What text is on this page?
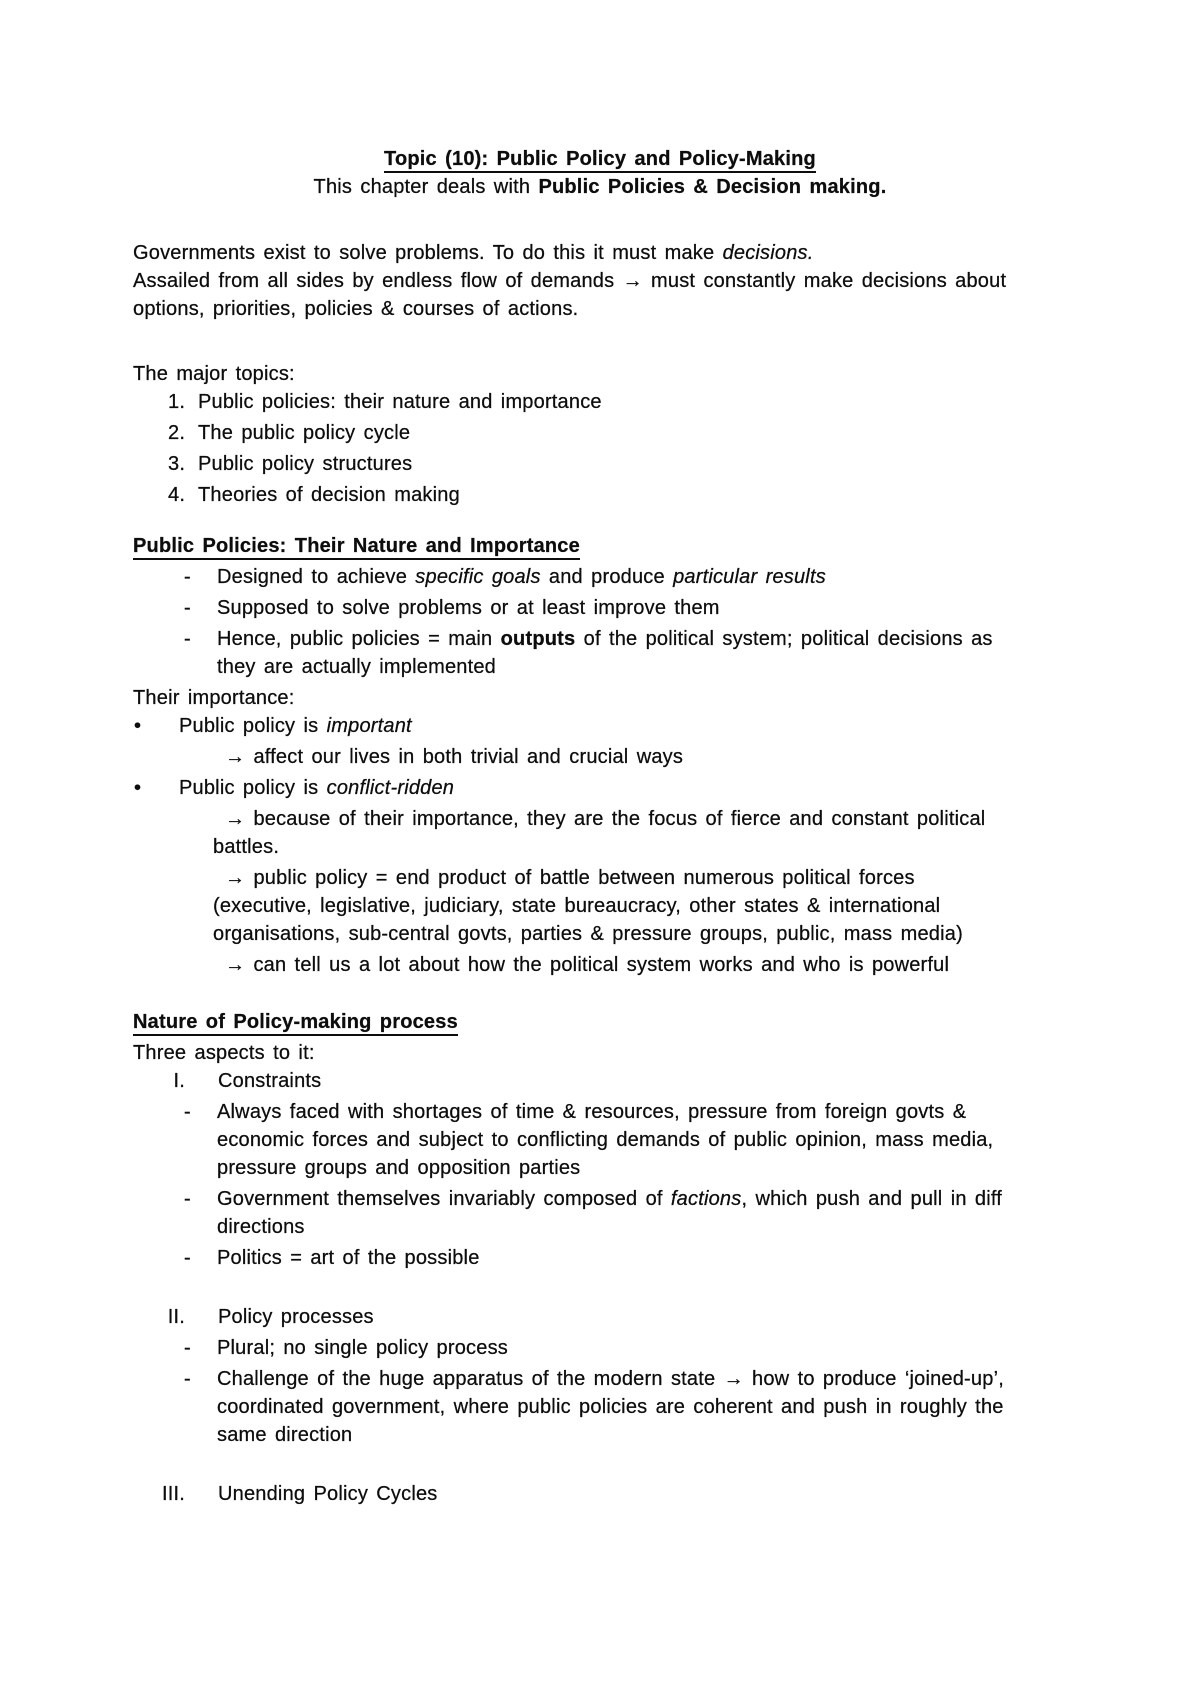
Topic (10): Public Policy and Policy-Making
This chapter deals with Public Policies & Decision making.
Governments exist to solve problems. To do this it must make decisions.
Assailed from all sides by endless flow of demands → must constantly make decisions about
options, priorities, policies & courses of actions.
The major topics:
1. Public policies: their nature and importance
2. The public policy cycle
3. Public policy structures
4. Theories of decision making
Public Policies: Their Nature and Importance
- Designed to achieve specific goals and produce particular results
- Supposed to solve problems or at least improve them
- Hence, public policies = main outputs of the political system; political decisions as
they are actually implemented
Their importance:
• Public policy is important
→ affect our lives in both trivial and crucial ways
• Public policy is conflict-ridden
→ because of their importance, they are the focus of fierce and constant political
battles.
→ public policy = end product of battle between numerous political forces
(executive, legislative, judiciary, state bureaucracy, other states & international
organisations, sub-central govts, parties & pressure groups, public, mass media)
→ can tell us a lot about how the political system works and who is powerful
Nature of Policy-making process
Three aspects to it:
I. Constraints
- Always faced with shortages of time & resources, pressure from foreign govts &
economic forces and subject to conflicting demands of public opinion, mass media,
pressure groups and opposition parties
- Government themselves invariably composed of factions, which push and pull in diff
directions
- Politics = art of the possible
II. Policy processes
- Plural; no single policy process
- Challenge of the huge apparatus of the modern state → how to produce ‘joined-up’,
coordinated government, where public policies are coherent and push in roughly the
same direction
III. Unending Policy Cycles
